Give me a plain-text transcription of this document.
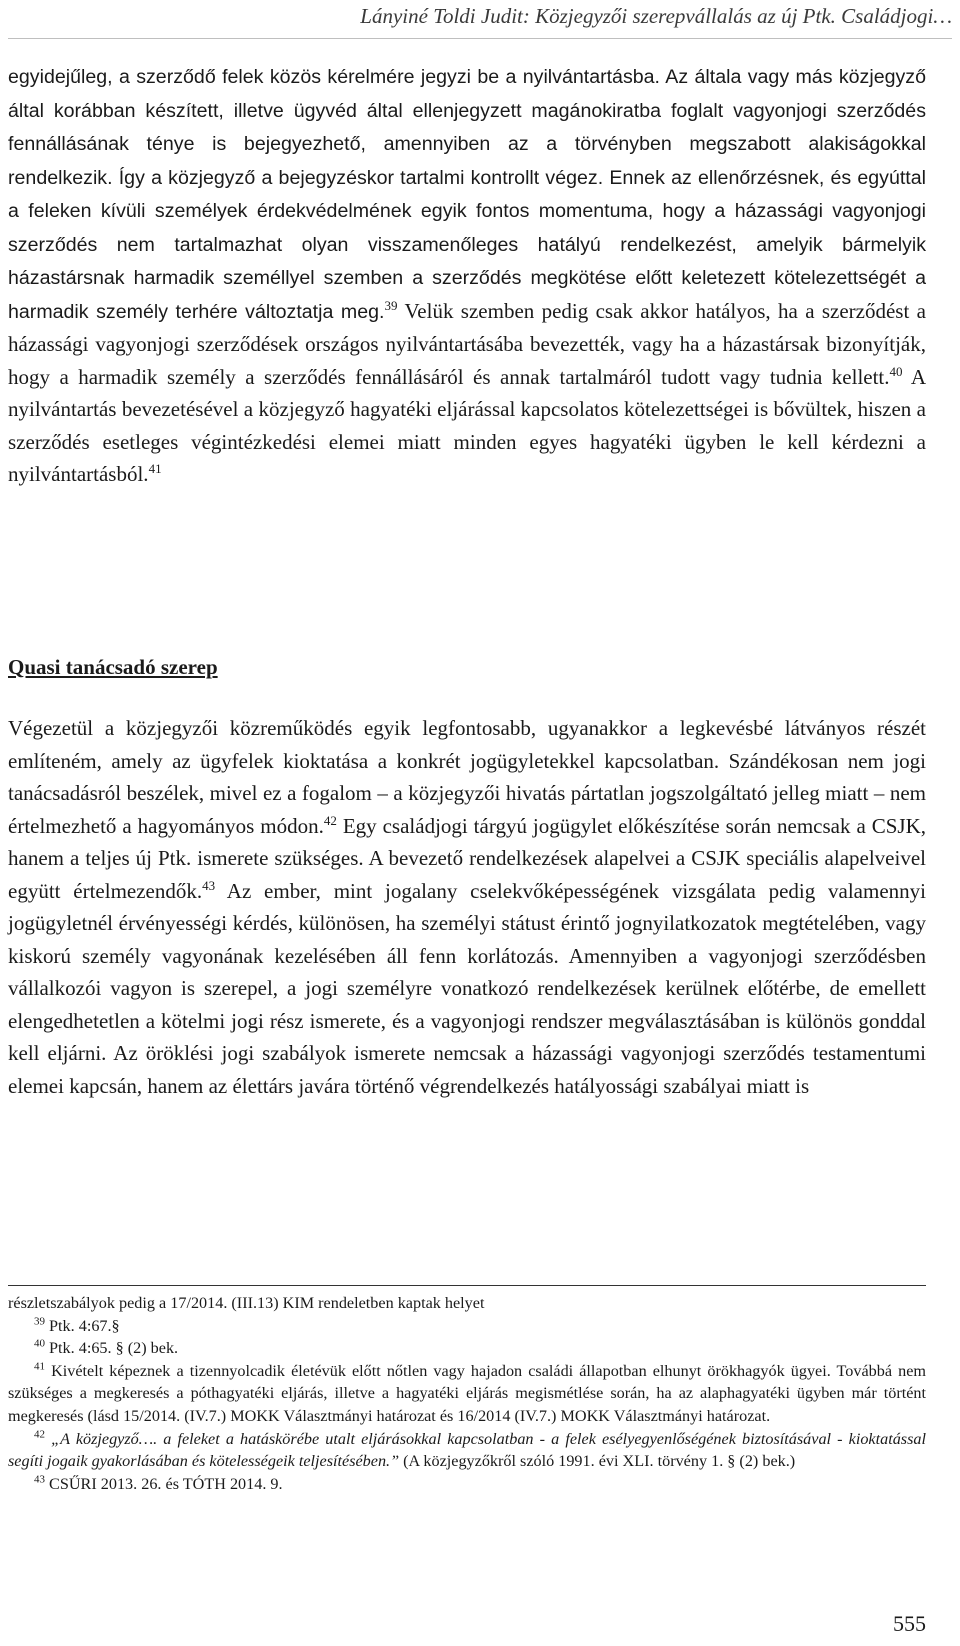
Lányiné Toldi Judit: Közjegyzői szerepvállalás az új Ptk. Családjogi…

egyidejűleg, a szerződő felek közös kérelmére jegyzi be a nyilvántartásba. Az általa vagy más közjegyző által korábban készített, illetve ügyvéd által ellenjegyzett magánokiratba foglalt vagyonjogi szerződés fennállásának ténye is bejegyezhető, amennyiben az a törvényben megszabott alakiságokkal rendelkezik. Így a közjegyző a bejegyzéskor tartalmi kontrollt végez. Ennek az ellenőrzésnek, és egyúttal a feleken kívüli személyek érdekvédelmének egyik fontos momentuma, hogy a házassági vagyonjogi szerződés nem tartalmazhat olyan visszamenőleges hatályú rendelkezést, amelyik bármelyik házastársnak harmadik személlyel szemben a szerződés megkötése előtt keletezett kötelezettségét a harmadik személy terhére változtatja meg.$^{39}$ Velük szemben pedig csak akkor hatályos, ha a szerződést a házassági vagyonjogi szerződések országos nyilvántartásába bevezették, vagy ha a házastársak bizonyítják, hogy a harmadik személy a szerződés fennállásáról és annak tartalmáról tudott vagy tudnia kellett.$^{40}$ A nyilvántartás bevezetésével a közjegyző hagyatéki eljárással kapcsolatos kötelezettségei is bővültek, hiszen a szerződés esetleges végintézkedési elemei miatt minden egyes hagyatéki ügyben le kell kérdezni a nyilvántartásból.$^{41}$

Quasi tanácsadó szerep

Végezetül a közjegyzői közreműködés egyik legfontosabb, ugyanakkor a legkevésbé látványos részét említeném, amely az ügyfelek kioktatása a konkrét jogügyletekkel kapcsolatban. Szándékosan nem jogi tanácsadásról beszélek, mivel ez a fogalom – a közjegyzői hivatás pártatlan jogszolgáltató jelleg miatt – nem értelmezhető a hagyományos módon.$^{42}$ Egy családjogi tárgyú jogügylet előkészítése során nemcsak a CSJK, hanem a teljes új Ptk. ismerete szükséges. A bevezető rendelkezések alapelvei a CSJK speciális alapelveivel együtt értelmezendők.$^{43}$ Az ember, mint jogalany cselekvőképességének vizsgálata pedig valamennyi jogügyletnél érvényességi kérdés, különösen, ha személyi státust érintő jognyilatkozatok megtételében, vagy kiskorú személy vagyonának kezelésében áll fenn korlátozás. Amennyiben a vagyonjogi szerződésben vállalkozói vagyon is szerepel, a jogi személyre vonatkozó rendelkezések kerülnek előtérbe, de emellett elengedhetetlen a kötelmi jogi rész ismerete, és a vagyonjogi rendszer megválasztásában is különös gonddal kell eljárni. Az öröklési jogi szabályok ismerete nemcsak a házassági vagyonjogi szerződés testamentumi elemei kapcsán, hanem az élettárs javára történő végrendelkezés hatályossági szabályai miatt is

részletszabályok pedig a 17/2014. (III.13) KIM rendeletben kaptak helyet

$^{39}$ Ptk. 4:67.§

$^{40}$ Ptk. 4:65. § (2) bek.

$^{41}$ Kivételt képeznek a tizennyolcadik életévük előtt nőtlen vagy hajadon családi állapotban elhunyt örökhagyók ügyei. Továbbá nem szükséges a megkeresés a póthagyatéki eljárás, illetve a hagyatéki eljárás megismétlése során, ha az alaphagyatéki ügyben már történt megkeresés (lásd 15/2014. (IV.7.) MOKK Választmányi határozat és 16/2014 (IV.7.) MOKK Választmányi határozat.

$^{42}$ „A közjegyző…. a feleket a hatáskörébe utalt eljárásokkal kapcsolatban - a felek esélyegyenlőségének biztosításával - kioktatással segíti jogaik gyakorlásában és kötelességeik teljesítésében.” (A közjegyzőkről szóló 1991. évi XLI. törvény 1. § (2) bek.)

$^{43}$ CSŰRI 2013. 26. és TÓTH 2014. 9.

555
